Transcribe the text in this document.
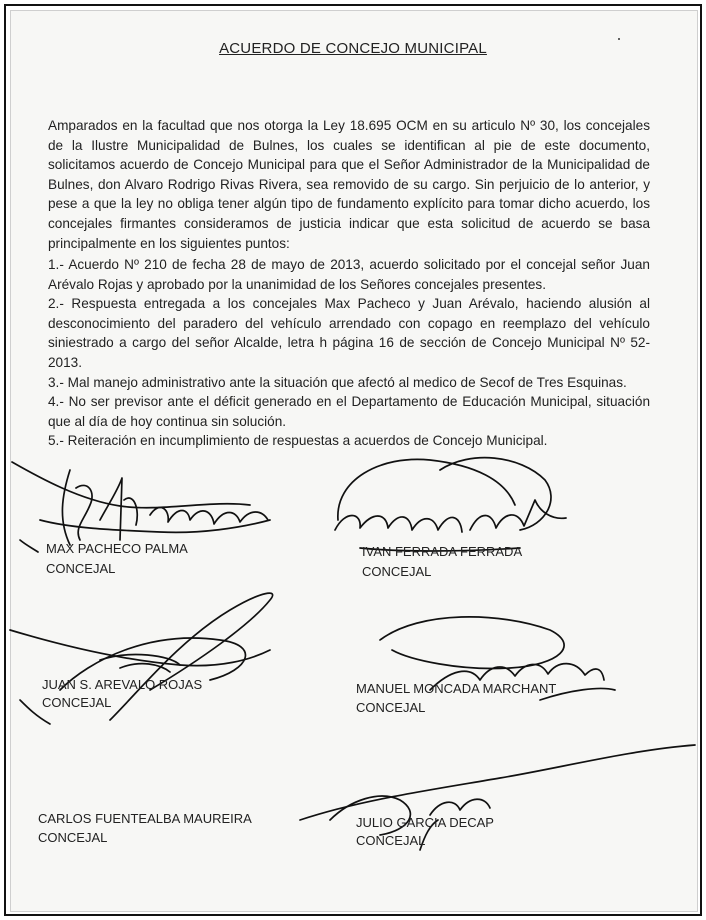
ACUERDO DE CONCEJO MUNICIPAL
Amparados en la facultad que nos otorga la Ley 18.695 OCM en su articulo Nº 30, los concejales de la Ilustre Municipalidad de Bulnes, los cuales se identifican al pie de este documento, solicitamos acuerdo de Concejo Municipal para que el Señor Administrador de la Municipalidad de Bulnes, don Alvaro Rodrigo Rivas Rivera, sea removido de su cargo. Sin perjuicio de lo anterior, y pese a que la ley no obliga tener algún tipo de fundamento explícito para tomar dicho acuerdo, los concejales firmantes consideramos de justicia indicar que esta solicitud de acuerdo se basa principalmente en los siguientes puntos:
1.- Acuerdo Nº 210 de fecha 28 de mayo de 2013, acuerdo solicitado por el concejal señor Juan Arévalo Rojas y aprobado por la unanimidad de los Señores concejales presentes.
2.- Respuesta entregada a los concejales Max Pacheco y Juan Arévalo, haciendo alusión al desconocimiento del paradero del vehículo arrendado con copago en reemplazo del vehículo siniestrado a cargo del señor Alcalde, letra h página 16 de sección de Concejo Municipal Nº 52-2013.
3.- Mal manejo administrativo ante la situación que afectó al medico de Secof de Tres Esquinas.
4.- No ser previsor ante el déficit generado en el Departamento de Educación Municipal, situación que al día de hoy continua sin solución.
5.- Reiteración en incumplimiento de respuestas a acuerdos de Concejo Municipal.
MAX PACHECO PALMA
CONCEJAL
IVAN FERRADA FERRADA
CONCEJAL
JUAN S. AREVALO ROJAS
CONCEJAL
MANUEL MONCADA MARCHANT
CONCEJAL
CARLOS FUENTEALBA MAUREIRA
CONCEJAL
JULIO GARCIA DECAP
CONCEJAL
